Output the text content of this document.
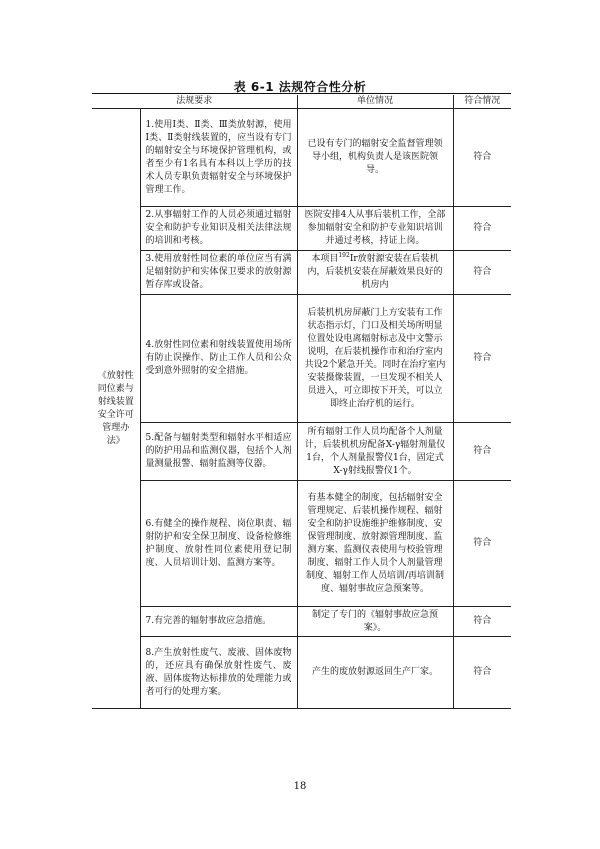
表 6-1 法规符合性分析
法规要求		单位情况	符合情况
《放射性同位素与射线装置安全许可管理办法》	1.使用Ⅰ类、Ⅱ类、Ⅲ类放射源，使用Ⅰ类、Ⅱ类射线装置的，应当设有专门的辐射安全与环境保护管理机构，或者至少有1名具有本科以上学历的技术人员专职负责辐射安全与环境保护管理工作。	已设有专门的辐射安全监督管理领导小组，机构负责人是该医院领导。	符合
	2.从事辐射工作的人员必须通过辐射安全和防护专业知识及相关法律法规的培训和考核。	医院安排4人从事后装机工作，全部参加辐射安全和防护专业知识培训并通过考核，持证上岗。	符合
	3.使用放射性同位素的单位应当有满足辐射防护和实体保卫要求的放射源暂存库或设备。	本项目$^{192}$Ir放射源安装在后装机内，后装机安装在屏蔽效果良好的机房内	符合
	4.放射性同位素和射线装置使用场所有防止误操作、防止工作人员和公众受到意外照射的安全措施。	后装机机房屏蔽门上方安装有工作状态指示灯，门口及相关场所明显位置处设电离辐射标志及中文警示说明，在后装机操作市和治疗室内共设2个紧急开关。同时在治疗室内安装摄像装置，一旦发现不相关人员进入，可立即按下开关，可以立即终止治疗机的运行。	符合
	5.配备与辐射类型和辐射水平相适应的防护用品和监测仪器，包括个人剂量测量报警、辐射监测等仪器。	所有辐射工作人员均配备个人剂量计，后装机机房配备X-γ辐射剂量仪1台，个人剂量报警仪1台，固定式X-γ射线报警仪1个。	符合
	6.有健全的操作规程、岗位职责、辐射防护和安全保卫制度、设备检修维护制度、放射性同位素使用登记制度、人员培训计划、监测方案等。	有基本健全的制度，包括辐射安全管理规定、后装机操作规程、辐射安全和防护设施维护维修制度、安保管理制度、放射源管理制度、监测方案、监测仪表使用与校验管理制度、辐射工作人员个人剂量管理制度、辐射工作人员培训/再培训制度、辐射事故应急预案等。	符合
	7.有完善的辐射事故应急措施。	制定了专门的《辐射事故应急预案》。	符合
	8.产生放射性废气、废液、固体废物的，还应具有确保放射性废气、废液、固体废物达标排放的处理能力或者可行的处理方案。	产生的废放射源返回生产厂家。	符合
18
